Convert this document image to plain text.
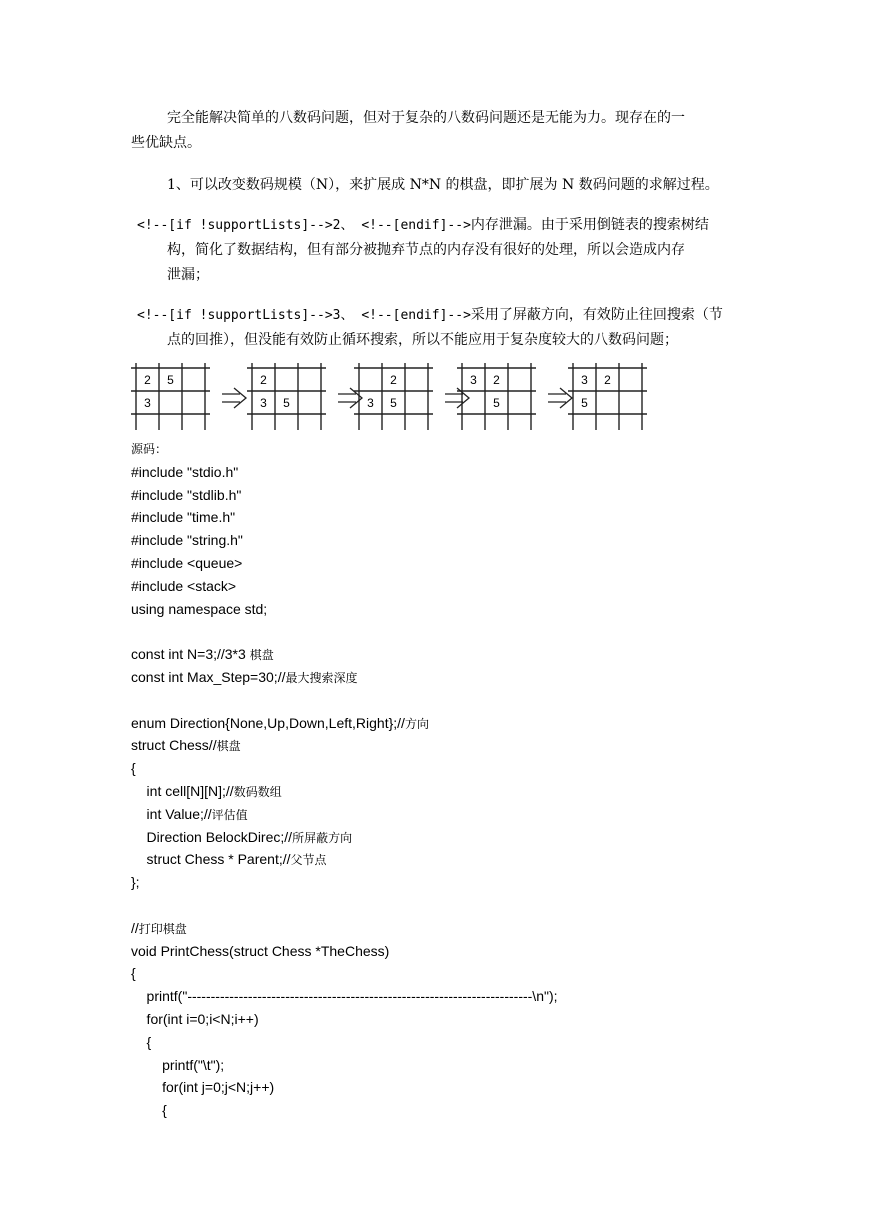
完全能解决简单的八数码问题，但对于复杂的八数码问题还是无能为力。现存在的一
些优缺点。
1、可以改变数码规模（N），来扩展成 N*N 的棋盘，即扩展为 N 数码问题的求解过程。
<!--[if !supportLists]-->2、 <!--[endif]-->内存泄漏。由于采用倒链表的搜索树结
构，简化了数据结构，但有部分被抛弃节点的内存没有很好的处理，所以会造成内存
泄漏；
<!--[if !supportLists]-->3、 <!--[endif]-->采用了屏蔽方向，有效防止往回搜索（节
点的回推），但没能有效防止循环搜索，所以不能应用于复杂度较大的八数码问题；
2 5
3
2
3 5
2
3 5
3 2
5
3 2
5
源码：
#include "stdio.h"
#include "stdlib.h"
#include "time.h"
#include "string.h"
#include <queue>
#include <stack>
using namespace std;
const int N=3;//3*3 棋盘
const int Max_Step=30;//最大搜索深度
enum Direction{None,Up,Down,Left,Right};//方向
struct Chess//棋盘
{
int cell[N][N];//数码数组
int Value;//评估值
Direction BelockDirec;//所屏蔽方向
struct Chess * Parent;//父节点
};
//打印棋盘
void PrintChess(struct Chess *TheChess)
{
printf("--------------------------------------------------------------------------\n");
for(int i=0;i<N;i++)
{
printf("\t");
for(int j=0;j<N;j++)
{
